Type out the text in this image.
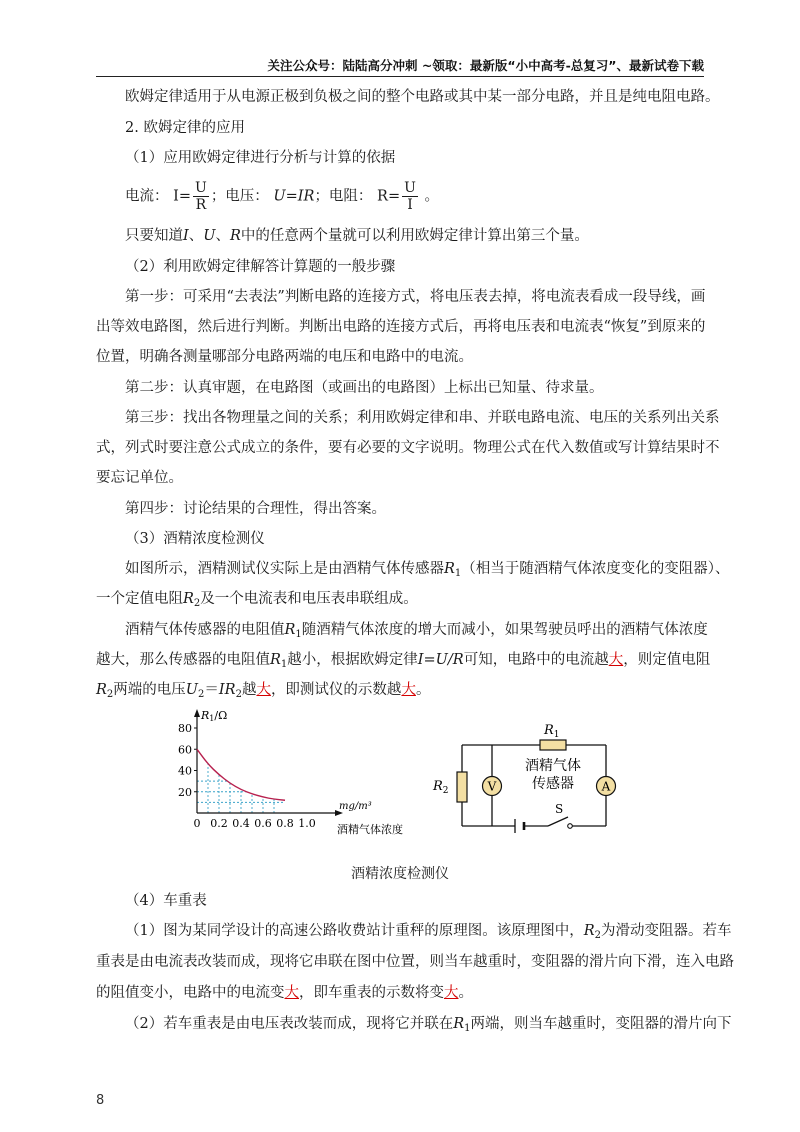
关注公众号：陆陆高分冲刺 ~领取：最新版“小中高考-总复习”、最新试卷下载
欧姆定律适用于从电源正极到负极之间的整个电路或其中某一部分电路，并且是纯电阻电路。
2. 欧姆定律的应用
（1）应用欧姆定律进行分析与计算的依据
电流： $I= \frac{U}{R}$ ；电压： U=IR；电阻： $R= \frac{U}{I}$ 。
只要知道I、U、R中的任意两个量就可以利用欧姆定律计算出第三个量。
（2）利用欧姆定律解答计算题的一般步骤
第一步：可采用“去表法”判断电路的连接方式，将电压表去掉，将电流表看成一段导线，画
出等效电路图，然后进行判断。判断出电路的连接方式后，再将电压表和电流表“恢复”到原来的
位置，明确各测量哪部分电路两端的电压和电路中的电流。
第二步：认真审题，在电路图（或画出的电路图）上标出已知量、待求量。
第三步：找出各物理量之间的关系；利用欧姆定律和串、并联电路电流、电压的关系列出关系
式，列式时要注意公式成立的条件，要有必要的文字说明。物理公式在代入数值或写计算结果时不
要忘记单位。
第四步：讨论结果的合理性，得出答案。
（3）酒精浓度检测仪
如图所示，酒精测试仪实际上是由酒精气体传感器$R_1$（相当于随酒精气体浓度变化的变阻器）、
一个定值电阻$R_2$及一个电流表和电压表串联组成。
酒精气体传感器的电阻值$R_1$随酒精气体浓度的增大而减小，如果驾驶员呼出的酒精气体浓度
越大，那么传感器的电阻值$R_1$越小，根据欧姆定律I=U/R可知，电路中的电流越大，则定值电阻
$R_2$两端的电压$U_2=IR_2$越大，即测试仪的示数越大。
R1/Ω
mg/m³
酒精气体浓度
20
40
60
80
0 0.2 0.4 0.6 0.8 1.0
V	A
S
$R_1$
$R_2$
酒精气体
传感器
酒精浓度检测仪
（4）车重表
（1）图为某同学设计的高速公路收费站计重秤的原理图。该原理图中，$R_2$为滑动变阻器。若车
重表是由电流表改装而成，现将它串联在图中位置，则当车越重时，变阻器的滑片向下滑，连入电路
的阻值变小，电路中的电流变大，即车重表的示数将变大。
（2）若车重表是由电压表改装而成，现将它并联在$R_1$两端，则当车越重时，变阻器的滑片向下
8
